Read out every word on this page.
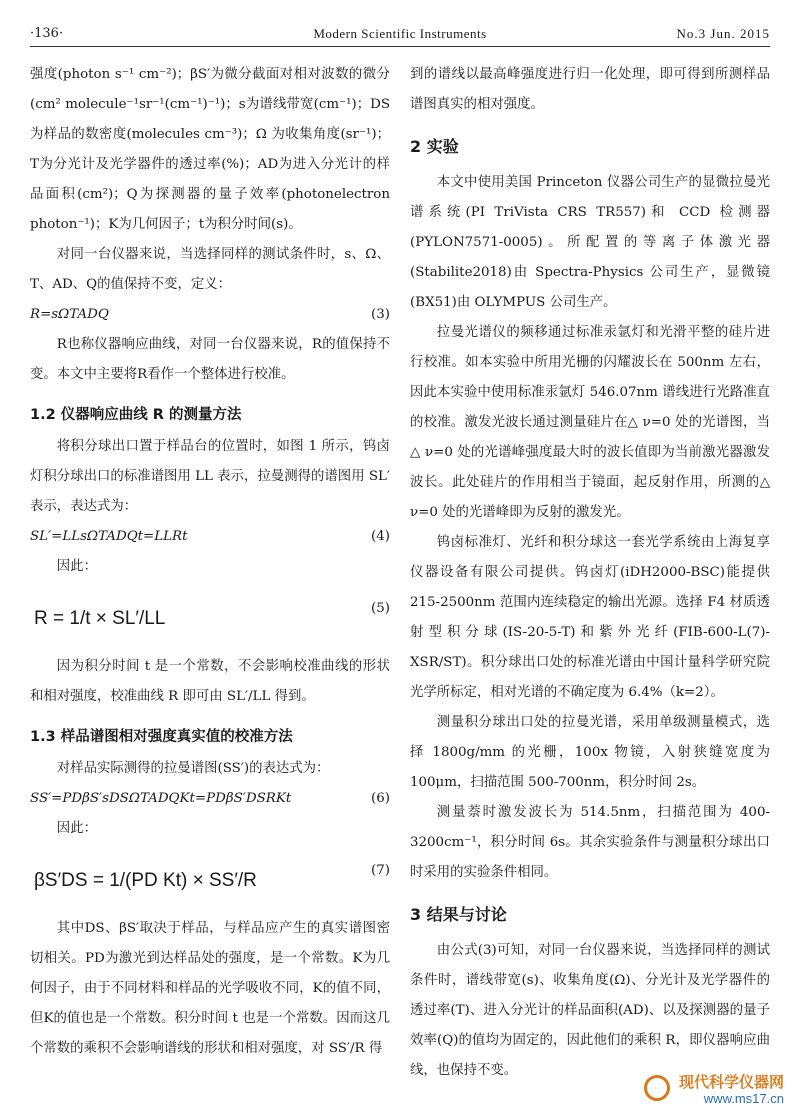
·136·	Modern Scientific Instruments	No.3 Jun. 2015

强度(photon s⁻¹ cm⁻²)；βS′为微分截面对相对波数的微分(cm² molecule⁻¹sr⁻¹(cm⁻¹)⁻¹)；s为谱线带宽(cm⁻¹)；DS为样品的数密度(molecules cm⁻³)；Ω 为收集角度(sr⁻¹)；T为分光计及光学器件的透过率(%)；AD为进入分光计的样品面积(cm²)；Q为探测器的量子效率(photonelectron photon⁻¹)；K为几何因子；t为积分时间(s)。

对同一台仪器来说，当选择同样的测试条件时，s、Ω、T、AD、Q的值保持不变，定义：

R=sΩTADQ	(3)

R也称仪器响应曲线，对同一台仪器来说，R的值保持不变。本文中主要将R看作一个整体进行校准。

1.2 仪器响应曲线 R 的测量方法

将积分球出口置于样品台的位置时，如图 1 所示，钨卤灯积分球出口的标准谱图用 LL 表示，拉曼测得的谱图用 SL′ 表示，表达式为：

SL′=LLsΩTADQt=LLRt	(4)

因此：

R = 1/t × SL′/LL	(5)

因为积分时间 t 是一个常数，不会影响校准曲线的形状和相对强度，校准曲线 R 即可由 SL′/LL 得到。

1.3 样品谱图相对强度真实值的校准方法

对样品实际测得的拉曼谱图(SS′)的表达式为：

SS′=PDβS′sDSΩTADQKt=PDβS′DSRKt	(6)

因此：

βS′DS = 1/(PD Kt) × SS′/R	(7)

其中DS、βS′取决于样品，与样品应产生的真实谱图密切相关。PD为激光到达样品处的强度，是一个常数。K为几何因子，由于不同材料和样品的光学吸收不同，K的值不同，但K的值也是一个常数。积分时间 t 也是一个常数。因而这几个常数的乘积不会影响谱线的形状和相对强度，对 SS′/R 得

到的谱线以最高峰强度进行归一化处理，即可得到所测样品谱图真实的相对强度。

2 实验

本文中使用美国 Princeton 仪器公司生产的显微拉曼光谱系统(PI TriVista CRS TR557)和 CCD 检测器(PYLON7571-0005)。所配置的等离子体激光器(Stabilite2018)由 Spectra-Physics 公司生产，显微镜(BX51)由 OLYMPUS 公司生产。

拉曼光谱仪的频移通过标准汞氩灯和光滑平整的硅片进行校准。如本实验中所用光栅的闪耀波长在 500nm 左右，因此本实验中使用标准汞氩灯 546.07nm 谱线进行光路准直的校准。激发光波长通过测量硅片在△ ν=0 处的光谱图，当△ ν=0 处的光谱峰强度最大时的波长值即为当前激光器激发波长。此处硅片的作用相当于镜面，起反射作用，所测的△ ν=0 处的光谱峰即为反射的激发光。

钨卤标准灯、光纤和积分球这一套光学系统由上海复享仪器设备有限公司提供。钨卤灯(iDH2000-BSC)能提供 215-2500nm 范围内连续稳定的输出光源。选择 F4 材质透射型积分球(IS-20-5-T)和紫外光纤(FIB-600-L(7)-XSR/ST)。积分球出口处的标准光谱由中国计量科学研究院光学所标定，相对光谱的不确定度为 6.4%（k=2）。

测量积分球出口处的拉曼光谱，采用单级测量模式，选择 1800g/mm 的光栅，100x 物镜，入射狭缝宽度为 100μm，扫描范围 500-700nm，积分时间 2s。

测量萘时激发波长为 514.5nm，扫描范围为 400-3200cm⁻¹，积分时间 6s。其余实验条件与测量积分球出口时采用的实验条件相同。

3 结果与讨论

由公式(3)可知，对同一台仪器来说，当选择同样的测试条件时，谱线带宽(s)、收集角度(Ω)、分光计及光学器件的透过率(T)、进入分光计的样品面积(AD)、以及探测器的量子效率(Q)的值均为固定的，因此他们的乘积 R，即仪器响应曲线，也保持不变。

现代科学仪器网
www.ms17.cn
